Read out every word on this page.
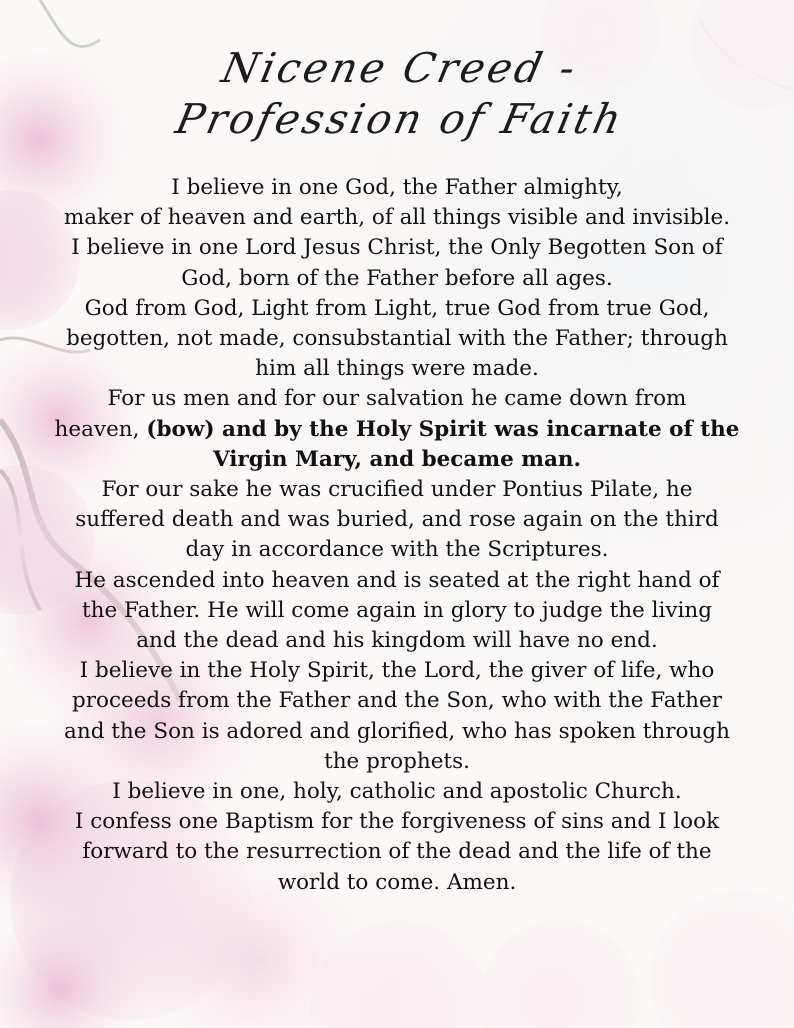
Nicene Creed -
Profession of Faith
I believe in one God, the Father almighty,
maker of heaven and earth, of all things visible and invisible.
I believe in one Lord Jesus Christ, the Only Begotten Son of
God, born of the Father before all ages.
God from God, Light from Light, true God from true God,
begotten, not made, consubstantial with the Father; through
him all things were made.
For us men and for our salvation he came down from
heaven, (bow) and by the Holy Spirit was incarnate of the
Virgin Mary, and became man.
For our sake he was crucified under Pontius Pilate, he
suffered death and was buried, and rose again on the third
day in accordance with the Scriptures.
He ascended into heaven and is seated at the right hand of
the Father. He will come again in glory to judge the living
and the dead and his kingdom will have no end.
I believe in the Holy Spirit, the Lord, the giver of life, who
proceeds from the Father and the Son, who with the Father
and the Son is adored and glorified, who has spoken through
the prophets.
I believe in one, holy, catholic and apostolic Church.
I confess one Baptism for the forgiveness of sins and I look
forward to the resurrection of the dead and the life of the
world to come. Amen.
